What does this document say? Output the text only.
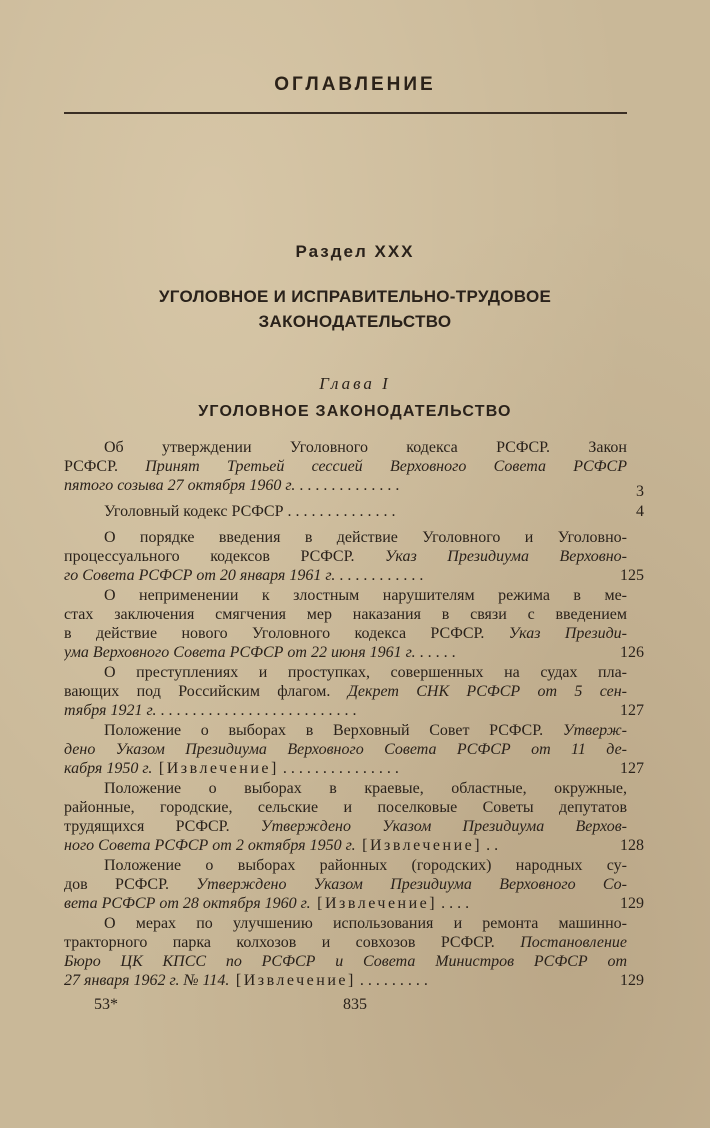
ОГЛАВЛЕНИЕ
Раздел XXX
УГОЛОВНОЕ И ИСПРАВИТЕЛЬНО-ТРУДОВОЕ
ЗАКОНОДАТЕЛЬСТВО
Глава I
УГОЛОВНОЕ ЗАКОНОДАТЕЛЬСТВО
Об утверждении Уголовного кодекса РСФСР. Закон
РСФСР. Принят Третьей сессией Верховного Совета РСФСР
пятого созыва 27 октября 1960 г. . . . . . . . . . . . . .	3
Уголовный кодекс РСФСР . . . . . . . . . . . . . .	4
О порядке введения в действие Уголовного и Уголовно-
процессуального кодексов РСФСР. Указ Президиума Верховно-
го Совета РСФСР от 20 января 1961 г. . . . . . . . . . . .	125
О неприменении к злостным нарушителям режима в ме-
стах заключения смягчения мер наказания в связи с введением
в действие нового Уголовного кодекса РСФСР. Указ Президи-
ума Верховного Совета РСФСР от 22 июня 1961 г. . . . . .	126
О преступлениях и проступках, совершенных на судах пла-
вающих под Российским флагом. Декрет СНК РСФСР от 5 сен-
тября 1921 г. . . . . . . . . . . . . . . . . . . . . . . . . .	127
Положение о выборах в Верховный Совет РСФСР. Утверж-
дено Указом Президиума Верховного Совета РСФСР от 11 де-
кабря 1950 г. [Извлечение] . . . . . . . . . . . . . . .	127
Положение о выборах в краевые, областные, окружные,
районные, городские, сельские и поселковые Советы депутатов
трудящихся РСФСР. Утверждено Указом Президиума Верхов-
ного Совета РСФСР от 2 октября 1950 г. [Извлечение] . .	128
Положение о выборах районных (городских) народных су-
дов РСФСР. Утверждено Указом Президиума Верховного Со-
вета РСФСР от 28 октября 1960 г. [Извлечение] . . . .	129
О мерах по улучшению использования и ремонта машинно-
тракторного парка колхозов и совхозов РСФСР. Постановление
Бюро ЦК КПСС по РСФСР и Совета Министров РСФСР от
27 января 1962 г. № 114. [Извлечение] . . . . . . . . .	129
53*	835
